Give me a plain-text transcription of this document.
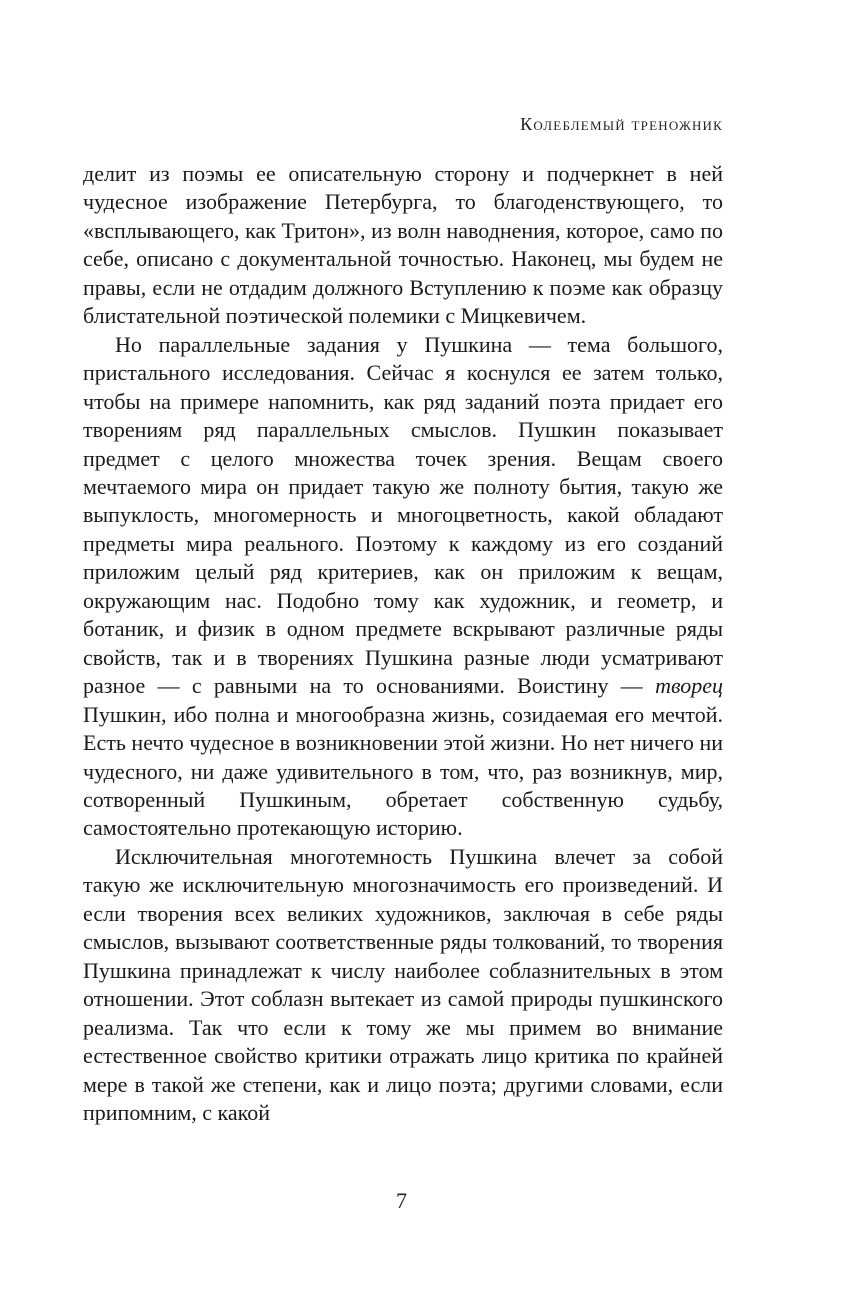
Колеблемый треножник

делит из поэмы ее описательную сторону и подчеркнет в ней чудесное изображение Петербурга, то благоденствующего, то «всплывающего, как Тритон», из волн наводнения, которое, само по себе, описано с документальной точностью. Наконец, мы будем не правы, если не отдадим должного Вступлению к поэме как образцу блистательной поэтической полемики с Мицкевичем.

Но параллельные задания у Пушкина — тема большого, пристального исследования. Сейчас я коснулся ее затем только, чтобы на примере напомнить, как ряд заданий поэта придает его творениям ряд параллельных смыслов. Пушкин показывает предмет с целого множества точек зрения. Вещам своего мечтаемого мира он придает такую же полноту бытия, такую же выпуклость, многомерность и многоцветность, какой обладают предметы мира реального. Поэтому к каждому из его созданий приложим целый ряд критериев, как он приложим к вещам, окружающим нас. Подобно тому как художник, и геометр, и ботаник, и физик в одном предмете вскрывают различные ряды свойств, так и в творениях Пушкина разные люди усматривают разное — с равными на то основаниями. Воистину — творец Пушкин, ибо полна и многообразна жизнь, созидаемая его мечтой. Есть нечто чудесное в возникновении этой жизни. Но нет ничего ни чудесного, ни даже удивительного в том, что, раз возникнув, мир, сотворенный Пушкиным, обретает собственную судьбу, самостоятельно протекающую историю.

Исключительная многотемность Пушкина влечет за собой такую же исключительную многозначимость его произведений. И если творения всех великих художников, заключая в себе ряды смыслов, вызывают соответственные ряды толкований, то творения Пушкина принадлежат к числу наиболее соблазнительных в этом отношении. Этот соблазн вытекает из самой природы пушкинского реализма. Так что если к тому же мы примем во внимание естественное свойство критики отражать лицо критика по крайней мере в такой же степени, как и лицо поэта; другими словами, если припомним, с какой

7
